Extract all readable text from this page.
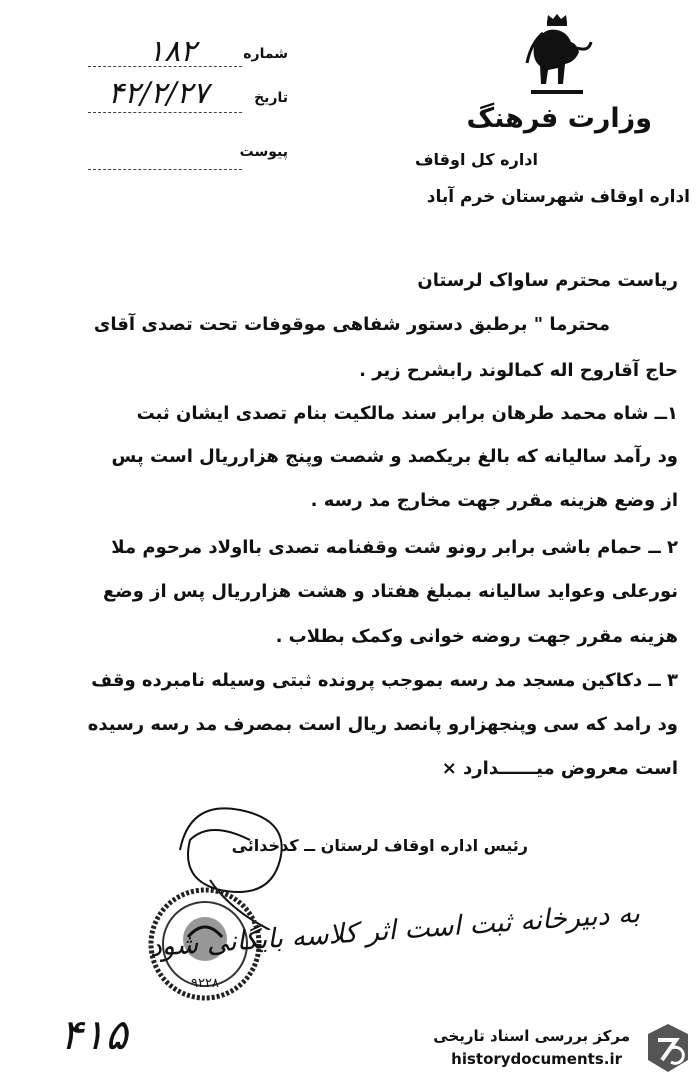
وزارت فرهنگ
اداره کل اوقاف
اداره اوقاف شهرستان خرم آباد
شماره
۱۸۲
تاریخ
۴۲/۲/۲۷
پیوست
ریاست محترم ساواک لرستان
محترما " برطبق دستور شفاهی موقوفات تحت تصدی آقای
حاج آقاروح اله کمالوند رابشرح زیر .
۱ــ شاه محمد طرهان برابر سند مالکیت بنام تصدی ایشان ثبت
ود رآمد ساليانه که بالغ بريکصد و شصت وپنج هزارريال است پس
از وضع هزينه مقرر جهت مخارج مد رسه .
۲ ــ حمام باشی برابر رونو شت وقفنامه تصدی بااولاد مرحوم ملا
نورعلی وعوايد ساليانه بمبلغ هفتاد و هشت هزارريال پس از وضع
هزينه مقرر جهت روضه خوانی وکمک بطلاب .
۳ ــ دکاکين مسجد مد رسه بموجب پرونده ثبتی وسيله نامبرده وقف
ود رامد که سی وپنجهزارو پانصد ريال است بمصرف مد رسه رسيده
است معروض ميــــــدارد ×
رئيس اداره اوقاف لرستان ــ کدخدائی
۹۲۲۸
به دبیرخانه ثبت است اثر کلاسه بايگانی شود
۴۱۵	مرکز بررسی اسناد تاریخی
historydocuments.ir
